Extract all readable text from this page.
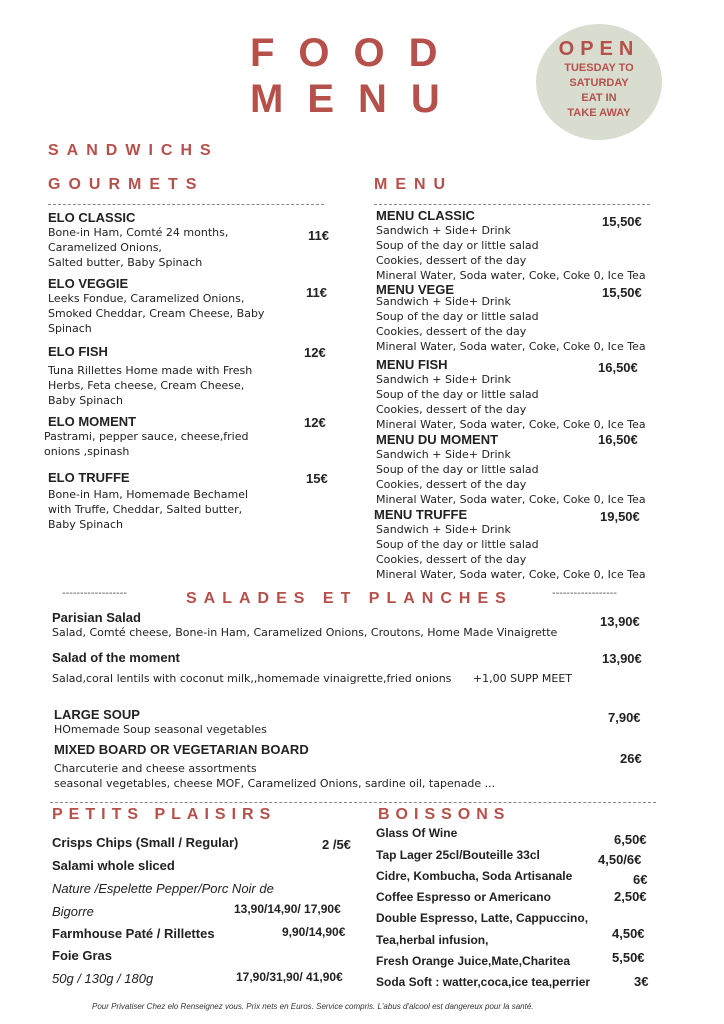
FOOD
MENU
OPEN
TUESDAY TO SATURDAY
EAT IN
TAKE AWAY
SANDWICHS
GOURMETS	MENU
ELO CLASSIC
Bone-in Ham, Comté 24 months,
Caramelized Onions,
Salted butter, Baby Spinach
11€
ELO VEGGIE
Leeks Fondue, Caramelized Onions,
Smoked Cheddar, Cream Cheese, Baby
Spinach
11€
ELO FISH
Tuna Rillettes Home made with Fresh
Herbs, Feta cheese, Cream Cheese,
Baby Spinach
12€
ELO MOMENT
Pastrami, pepper sauce, cheese,fried
onions ,spinash
12€
ELO TRUFFE
Bone-in Ham, Homemade Bechamel
with Truffe, Cheddar, Salted butter,
Baby Spinach
15€
MENU CLASSIC
Sandwich + Side+ Drink
Soup of the day or little salad
Cookies, dessert of the day
Mineral Water, Soda water, Coke, Coke 0, Ice Tea
15,50€
MENU VEGE
Sandwich + Side+ Drink
Soup of the day or little salad
Cookies, dessert of the day
Mineral Water, Soda water, Coke, Coke 0, Ice Tea
15,50€
MENU FISH
Sandwich + Side+ Drink
Soup of the day or little salad
Cookies, dessert of the day
Mineral Water, Soda water, Coke, Coke 0, Ice Tea
16,50€
MENU DU MOMENT
Sandwich + Side+ Drink
Soup of the day or little salad
Cookies, dessert of the day
Mineral Water, Soda water, Coke, Coke 0, Ice Tea
16,50€
MENU TRUFFE
Sandwich + Side+ Drink
Soup of the day or little salad
Cookies, dessert of the day
Mineral Water, Soda water, Coke, Coke 0, Ice Tea
19,50€
------------------	------------------
SALADES ET PLANCHES
Parisian Salad
Salad, Comté cheese, Bone-in Ham, Caramelized Onions, Croutons, Home Made Vinaigrette
13,90€
Salad of the moment
Salad,coral lentils with coconut milk,,homemade vinaigrette,fried onions +1,00 SUPP MEET
13,90€
LARGE SOUP
HOmemade Soup seasonal vegetables
7,90€
MIXED BOARD OR VEGETARIAN BOARD
Charcuterie and cheese assortments
seasonal vegetables, cheese MOF, Caramelized Onions, sardine oil, tapenade ...
26€
PETITS PLAISIRS
Crisps Chips (Small / Regular)	2 /5€
Salami whole sliced
Nature /Espelette Pepper/Porc Noir de
Bigorre	13,90/14,90/ 17,90€
Farmhouse Paté / Rillettes	9,90/14,90€
Foie Gras
50g / 130g / 180g	17,90/31,90/ 41,90€
BOISSONS
Glass Of Wine	6,50€
Tap Lager 25cl/Bouteille 33cl	4,50/6€
Cidre, Kombucha, Soda Artisanale	6€
Coffee Espresso or Americano	2,50€
Double Espresso, Latte, Cappuccino,
Tea,herbal infusion,	4,50€
Fresh Orange Juice,Mate,Charitea	5,50€
Soda Soft : watter,coca,ice tea,perrier	3€
Pour Privatiser Chez elo Renseignez vous. Prix nets en Euros. Service compris. L'abus d'alcool est dangereux pour la santé.
